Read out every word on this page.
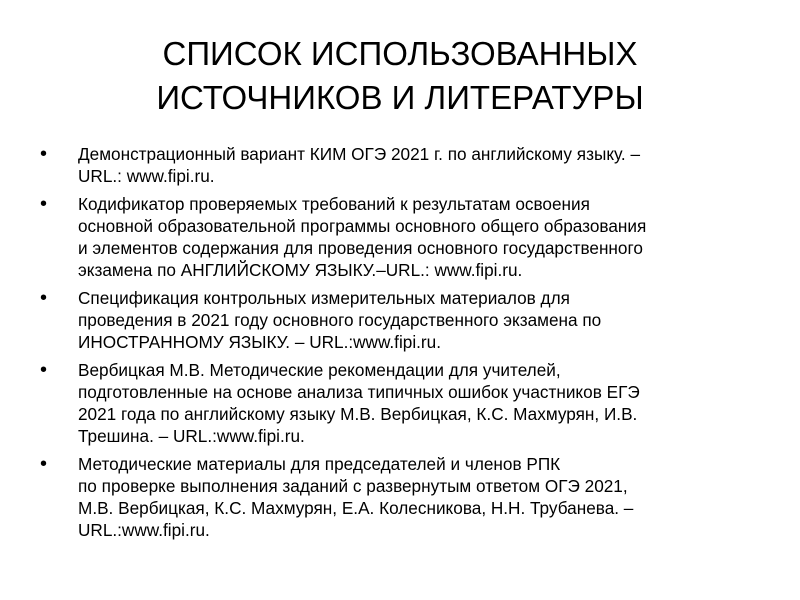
СПИСОК ИСПОЛЬЗОВАННЫХ
ИСТОЧНИКОВ И ЛИТЕРАТУРЫ
• Демонстрационный вариант КИМ ОГЭ 2021 г. по английскому языку. –
URL.: www.fipi.ru.
• Кодификатор проверяемых требований к результатам освоения
основной образовательной программы основного общего образования
и элементов содержания для проведения основного государственного
экзамена по АНГЛИЙСКОМУ ЯЗЫКУ.–URL.: www.fipi.ru.
• Спецификация контрольных измерительных материалов для
проведения в 2021 году основного государственного экзамена по
ИНОСТРАННОМУ ЯЗЫКУ. – URL.:www.fipi.ru.
• Вербицкая М.В. Методические рекомендации для учителей,
подготовленные на основе анализа типичных ошибок участников ЕГЭ
2021 года по английскому языку М.В. Вербицкая, К.С. Махмурян, И.В.
Трешина. – URL.:www.fipi.ru.
• Методические материалы для председателей и членов РПК
по проверке выполнения заданий с развернутым ответом ОГЭ 2021,
М.В. Вербицкая, К.С. Махмурян, Е.А. Колесникова, Н.Н. Трубанева. –
URL.:www.fipi.ru.
